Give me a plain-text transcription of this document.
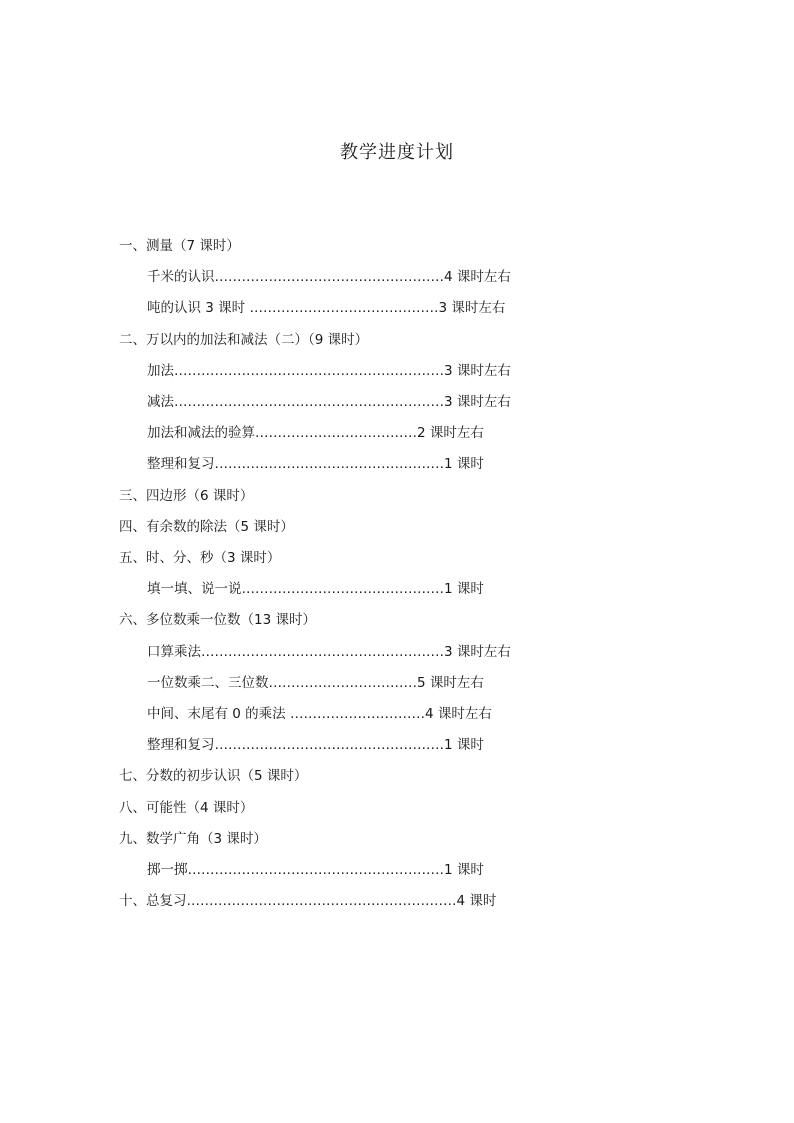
教学进度计划
一、测量（7 课时）
千米的认识……………………………………………4 课时左右
吨的认识 3 课时 ……………………………………3 课时左右
二、万以内的加法和减法（二）（9 课时）
加法……………………………………………………3 课时左右
减法……………………………………………………3 课时左右
加法和减法的验算………………………………2 课时左右
整理和复习……………………………………………1 课时
三、四边形（6 课时）
四、有余数的除法（5 课时）
五、时、分、秒（3 课时）
填一填、说一说………………………………………1 课时
六、多位数乘一位数（13 课时）
口算乘法………………………………………………3 课时左右
一位数乘二、三位数……………………………5 课时左右
中间、末尾有 0 的乘法 …………………………4 课时左右
整理和复习……………………………………………1 课时
七、分数的初步认识（5 课时）
八、可能性（4 课时）
九、数学广角（3 课时）
掷一掷…………………………………………………1 课时
十、总复习……………………………………………………4 课时
